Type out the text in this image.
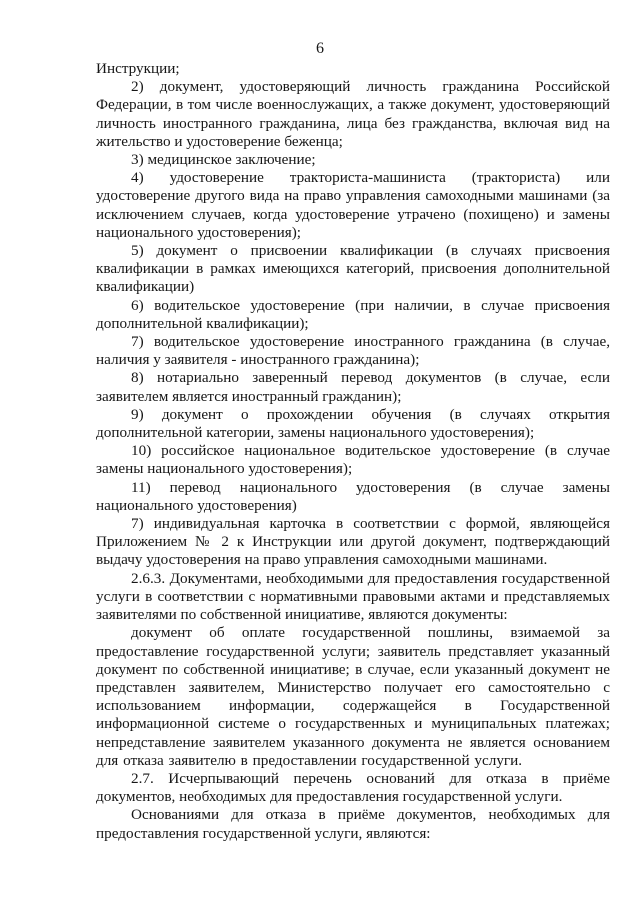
6

Инструкции;

2) документ, удостоверяющий личность гражданина Российской Федерации, в том числе военнослужащих, а также документ, удостоверяющий личность иностранного гражданина, лица без гражданства, включая вид на жительство и удостоверение беженца;

3) медицинское заключение;

4) удостоверение тракториста-машиниста (тракториста) или удостоверение другого вида на право управления самоходными машинами (за исключением случаев, когда удостоверение утрачено (похищено) и замены национального удостоверения);

5) документ о присвоении квалификации (в случаях присвоения квалификации в рамках имеющихся категорий, присвоения дополнительной квалификации)

6) водительское удостоверение (при наличии, в случае присвоения дополнительной квалификации);

7) водительское удостоверение иностранного гражданина (в случае, наличия у заявителя - иностранного гражданина);

8) нотариально заверенный перевод документов (в случае, если заявителем является иностранный гражданин);

9) документ о прохождении обучения (в случаях открытия дополнительной категории, замены национального удостоверения);

10) российское национальное водительское удостоверение (в случае замены национального удостоверения);

11) перевод национального удостоверения (в случае замены национального удостоверения)

7) индивидуальная карточка в соответствии с формой, являющейся Приложением № 2 к Инструкции или другой документ, подтверждающий выдачу удостоверения на право управления самоходными машинами.

2.6.3. Документами, необходимыми для предоставления государственной услуги в соответствии с нормативными правовыми актами и представляемых заявителями по собственной инициативе, являются документы:

документ об оплате государственной пошлины, взимаемой за предоставление государственной услуги; заявитель представляет указанный документ по собственной инициативе; в случае, если указанный документ не представлен заявителем, Министерство получает его самостоятельно с использованием информации, содержащейся в Государственной информационной системе о государственных и муниципальных платежах; непредставление заявителем указанного документа не является основанием для отказа заявителю в предоставлении государственной услуги.

2.7. Исчерпывающий перечень оснований для отказа в приёме документов, необходимых для предоставления государственной услуги.

Основаниями для отказа в приёме документов, необходимых для предоставления государственной услуги, являются:
